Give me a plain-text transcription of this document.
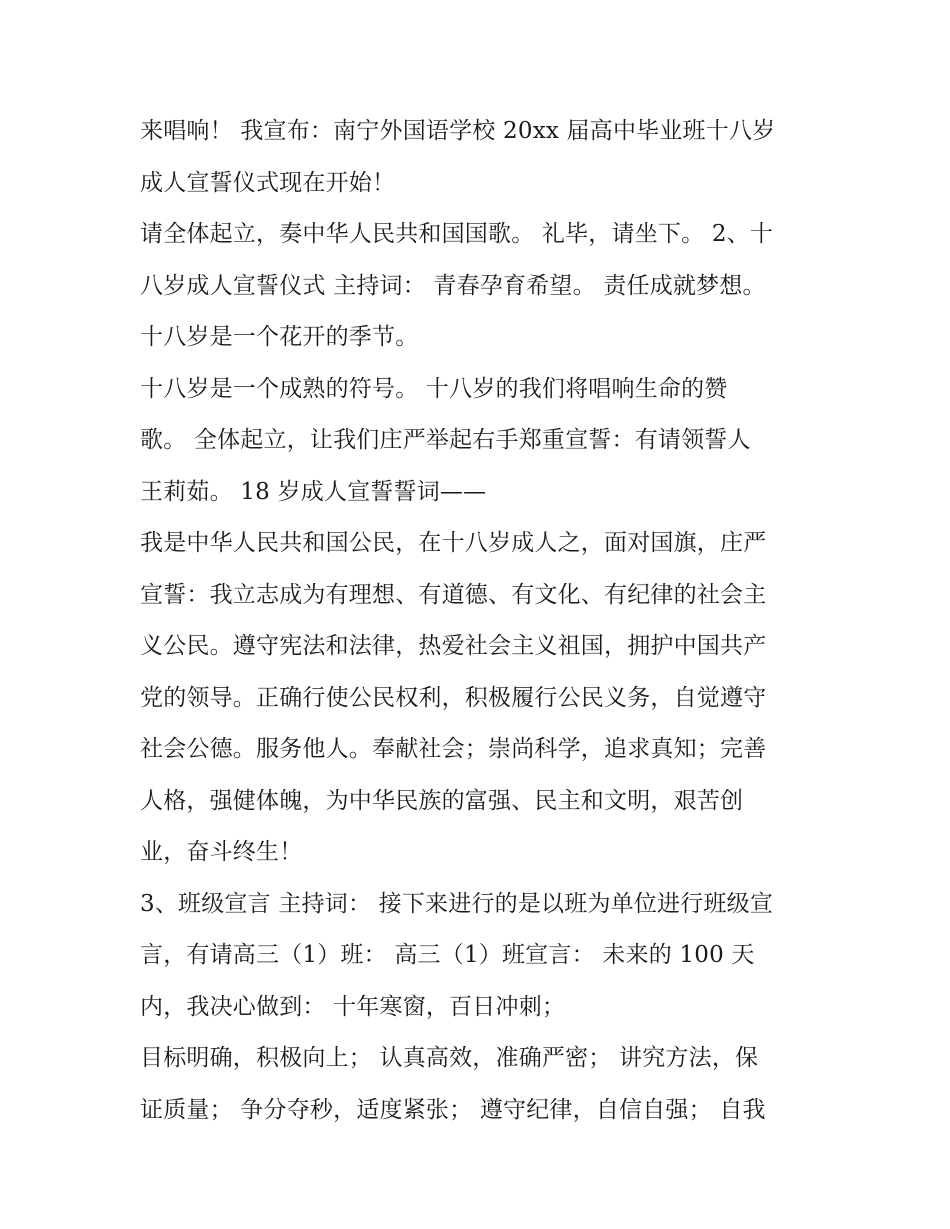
来唱响！ 我宣布：南宁外国语学校 20xx 届高中毕业班十八岁
成人宣誓仪式现在开始！
请全体起立，奏中华人民共和国国歌。 礼毕，请坐下。 2、十
八岁成人宣誓仪式 主持词： 青春孕育希望。 责任成就梦想。
十八岁是一个花开的季节。
十八岁是一个成熟的符号。 十八岁的我们将唱响生命的赞
歌。 全体起立，让我们庄严举起右手郑重宣誓：有请领誓人
王莉茹。 18 岁成人宣誓誓词——
我是中华人民共和国公民，在十八岁成人之，面对国旗，庄严
宣誓：我立志成为有理想、有道德、有文化、有纪律的社会主
义公民。遵守宪法和法律，热爱社会主义祖国，拥护中国共产
党的领导。正确行使公民权利，积极履行公民义务，自觉遵守
社会公德。服务他人。奉献社会；崇尚科学，追求真知；完善
人格，强健体魄，为中华民族的富强、民主和文明，艰苦创
业，奋斗终生！
3、班级宣言 主持词： 接下来进行的是以班为单位进行班级宣
言，有请高三（1）班： 高三（1）班宣言： 未来的 100 天
内，我决心做到： 十年寒窗，百日冲刺；
目标明确，积极向上； 认真高效，准确严密； 讲究方法，保
证质量； 争分夺秒，适度紧张； 遵守纪律，自信自强； 自我
